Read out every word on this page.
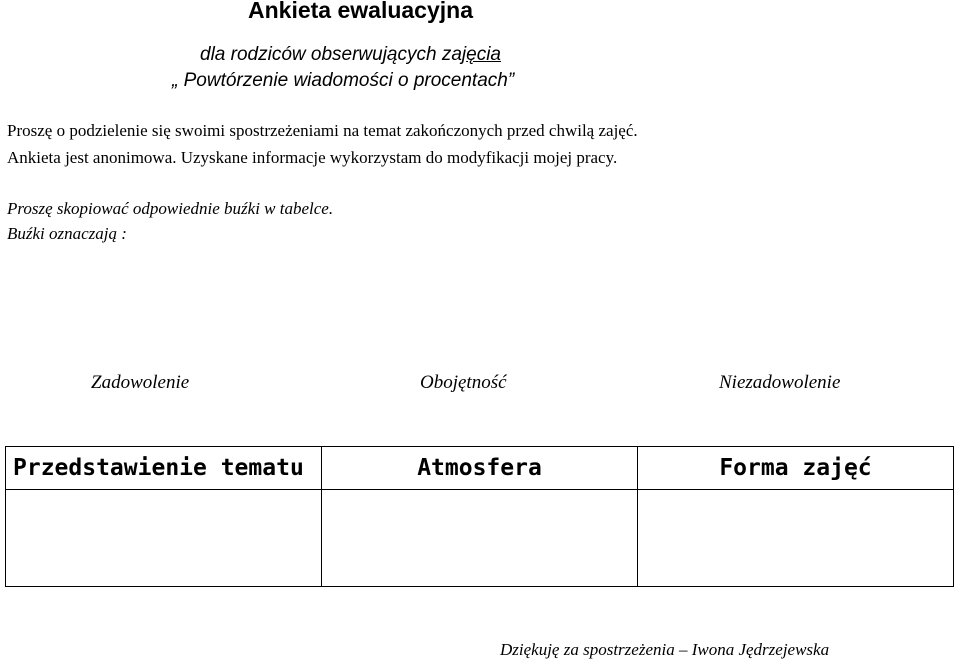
Ankieta ewaluacyjna
dla rodziców obserwujących zajęcia
„ Powtórzenie wiadomości o procentach”
Proszę o podzielenie się swoimi spostrzeżeniami na temat zakończonych przed chwilą zajęć.
Ankieta jest anonimowa. Uzyskane informacje wykorzystam do modyfikacji mojej pracy.
Proszę skopiować odpowiednie buźki w tabelce.
Buźki oznaczają :
Zadowolenie	Obojętność	Niezadowolenie
Przedstawienie tematu	Atmosfera	Forma zajęć

Dziękuję za spostrzeżenia – Iwona Jędrzejewska
